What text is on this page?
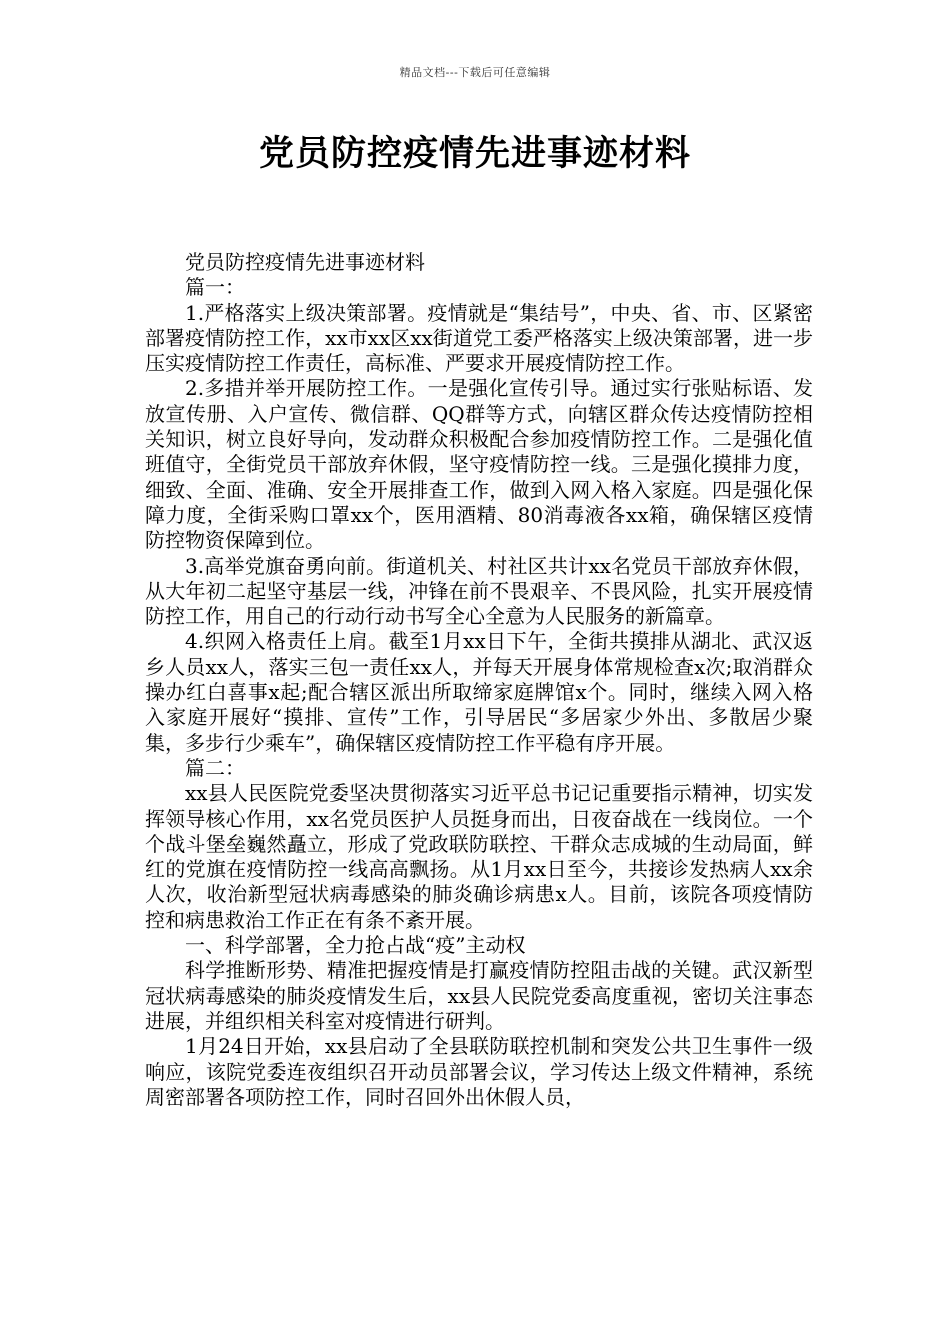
精品文档---下载后可任意编辑
党员防控疫情先进事迹材料

党员防控疫情先进事迹材料

篇一：

1.严格落实上级决策部署。疫情就是“集结号”，中央、省、市、区紧密部署疫情防控工作，xx市xx区xx街道党工委严格落实上级决策部署，进一步压实疫情防控工作责任，高标准、严要求开展疫情防控工作。

2.多措并举开展防控工作。一是强化宣传引导。通过实行张贴标语、发放宣传册、入户宣传、微信群、QQ群等方式，向辖区群众传达疫情防控相关知识，树立良好导向，发动群众积极配合参加疫情防控工作。二是强化值班值守，全街党员干部放弃休假，坚守疫情防控一线。三是强化摸排力度，细致、全面、准确、安全开展排查工作，做到入网入格入家庭。四是强化保障力度，全街采购口罩xx个，医用酒精、80消毒液各xx箱，确保辖区疫情防控物资保障到位。

3.高举党旗奋勇向前。街道机关、村社区共计xx名党员干部放弃休假，从大年初二起坚守基层一线，冲锋在前不畏艰辛、不畏风险，扎实开展疫情防控工作，用自己的行动行动书写全心全意为人民服务的新篇章。

4.织网入格责任上肩。截至1月xx日下午，全街共摸排从湖北、武汉返乡人员xx人，落实三包一责任xx人，并每天开展身体常规检查x次;取消群众操办红白喜事x起;配合辖区派出所取缔家庭牌馆x个。同时，继续入网入格入家庭开展好“摸排、宣传”工作，引导居民“多居家少外出、多散居少聚集，多步行少乘车”，确保辖区疫情防控工作平稳有序开展。

篇二：

xx县人民医院党委坚决贯彻落实习近平总书记记重要指示精神，切实发挥领导核心作用，xx名党员医护人员挺身而出，日夜奋战在一线岗位。一个个战斗堡垒巍然矗立，形成了党政联防联控、干群众志成城的生动局面，鲜红的党旗在疫情防控一线高高飘扬。从1月xx日至今，共接诊发热病人xx余人次，收治新型冠状病毒感染的肺炎确诊病患x人。目前，该院各项疫情防控和病患救治工作正在有条不紊开展。

一、科学部署，全力抢占战“疫”主动权

科学推断形势、精准把握疫情是打赢疫情防控阻击战的关键。武汉新型冠状病毒感染的肺炎疫情发生后，xx县人民院党委高度重视，密切关注事态进展，并组织相关科室对疫情进行研判。

1月24日开始，xx县启动了全县联防联控机制和突发公共卫生事件一级响应，该院党委连夜组织召开动员部署会议，学习传达上级文件精神，系统周密部署各项防控工作，同时召回外出休假人员，
